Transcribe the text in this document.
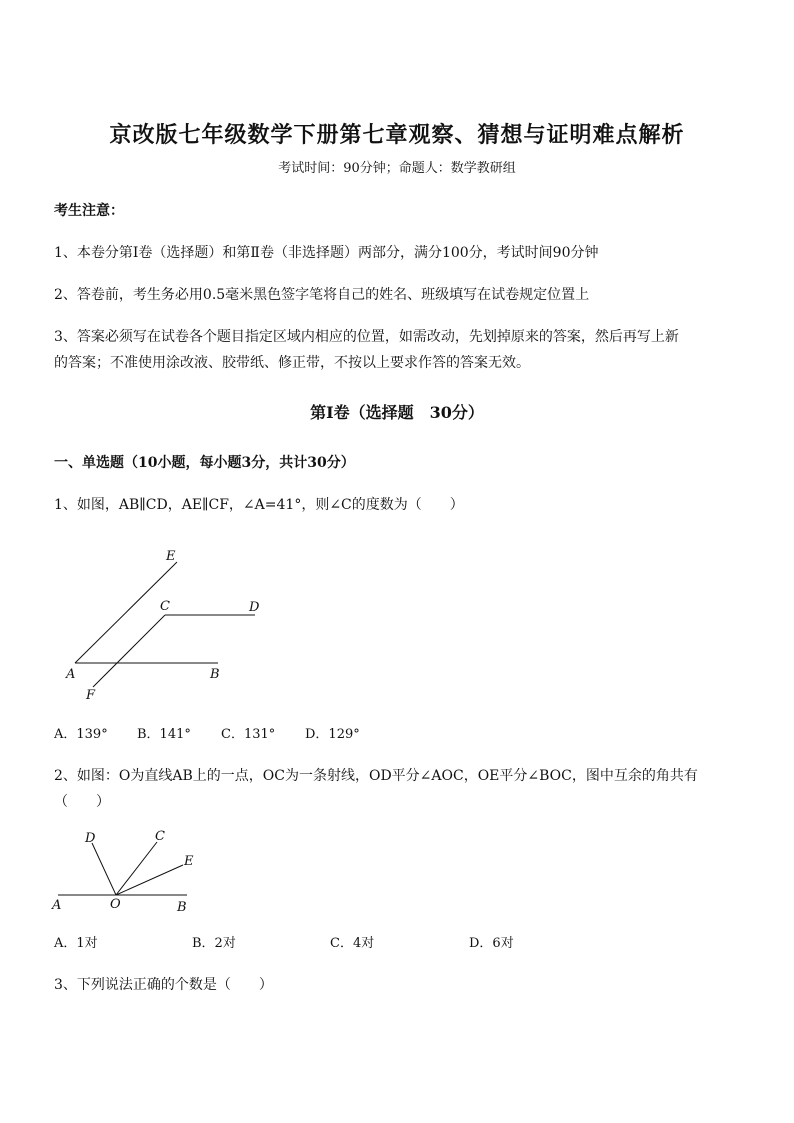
京改版七年级数学下册第七章观察、猜想与证明难点解析
考试时间：90分钟；命题人：数学教研组
考生注意：
1、本卷分第Ⅰ卷（选择题）和第Ⅱ卷（非选择题）两部分，满分100分，考试时间90分钟
2、答卷前，考生务必用0.5毫米黑色签字笔将自己的姓名、班级填写在试卷规定位置上
3、答案必须写在试卷各个题目指定区域内相应的位置，如需改动，先划掉原来的答案，然后再写上新
的答案；不准使用涂改液、胶带纸、修正带，不按以上要求作答的答案无效。
第Ⅰ卷（选择题　30分）
一、单选题（10小题，每小题3分，共计30分）
1、如图，AB∥CD，AE∥CF，∠A=41°，则∠C的度数为（　　）
E
C	D
A	B
F
A．139° B．141° C．131° D．129°
2、如图：O为直线AB上的一点，OC为一条射线，OD平分∠AOC，OE平分∠BOC，图中互余的角共有
（　　）
D	C
E
A	O	B
A．1对	B．2对	C．4对	D．6对
3、下列说法正确的个数是（　　）
